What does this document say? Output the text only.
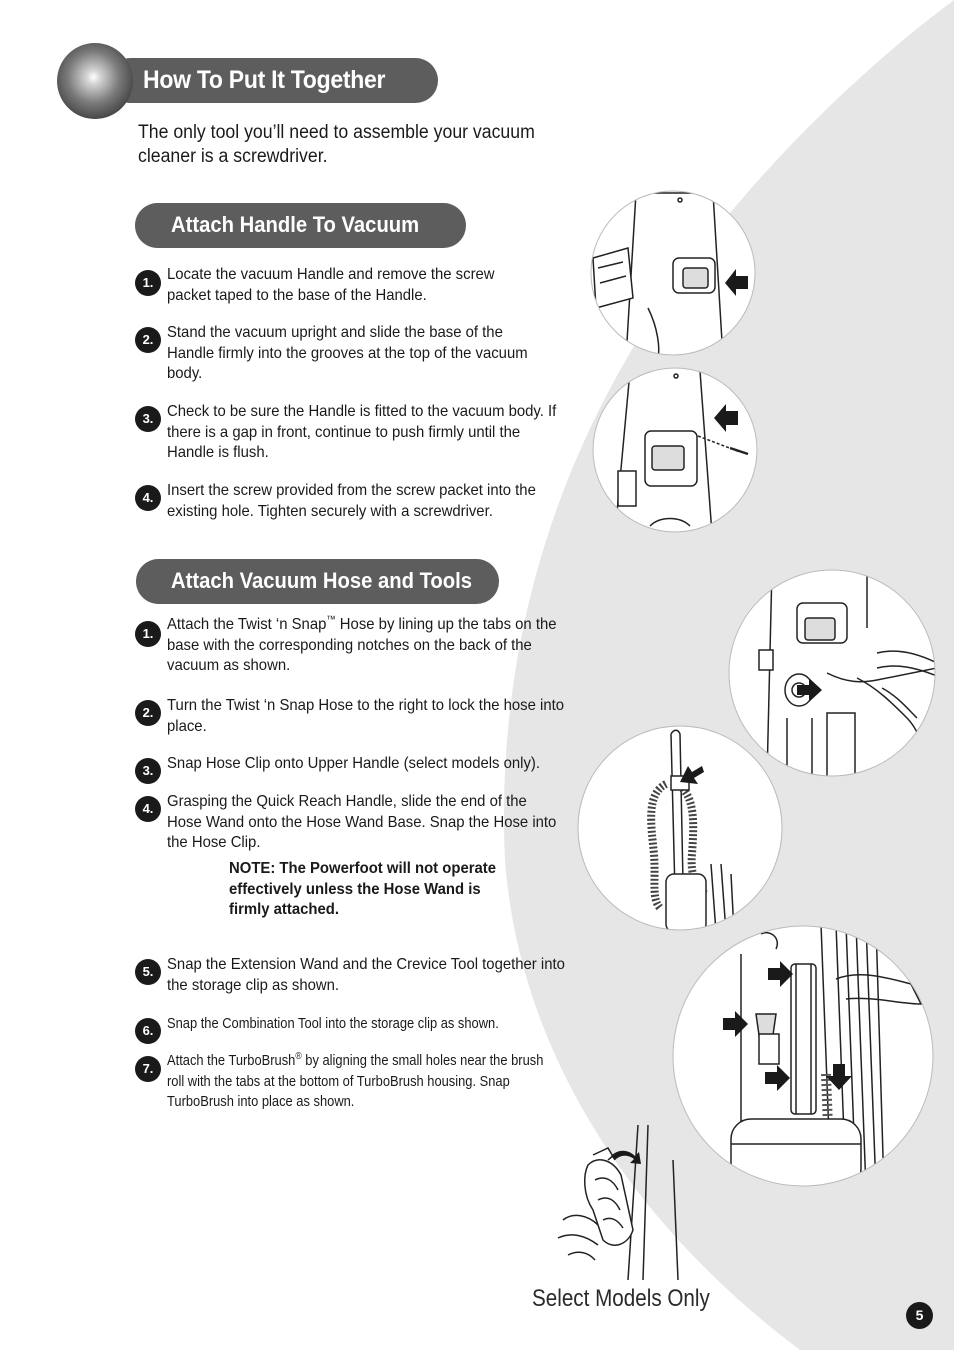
How To Put It Together
The only tool you’ll need to assemble your vacuum cleaner is a screwdriver.
Attach Handle To Vacuum
1. Locate the vacuum Handle and remove the screw packet taped to the base of the Handle.
2. Stand the vacuum upright and slide the base of the Handle firmly into the grooves at the top of the vacuum body.
3. Check to be sure the Handle is fitted to the vacuum body. If there is a gap in front, continue to push firmly until the Handle is flush.
4. Insert the screw provided from the screw packet into the existing hole. Tighten securely with a screwdriver.
Attach Vacuum Hose and Tools
1.
Attach the Twist ‘n Snap™ Hose by lining up the tabs on the base with the corresponding notches on the back of the vacuum as shown.
2. Turn the Twist ‘n Snap Hose to the right to lock the hose into place.
3. Snap Hose Clip onto Upper Handle (select models only).
4. Grasping the Quick Reach Handle, slide the end of the Hose Wand onto the Hose Wand Base. Snap the Hose into the Hose Clip.
NOTE: The Powerfoot will not operate effectively unless the Hose Wand is firmly attached.
5. Snap the Extension Wand and the Crevice Tool together into the storage clip as shown.
6. Snap the Combination Tool into the storage clip as shown.
7. Attach the TurboBrush® by aligning the small holes near the brush roll with the tabs at the bottom of TurboBrush housing. Snap TurboBrush into place as shown.
Select Models Only
5
